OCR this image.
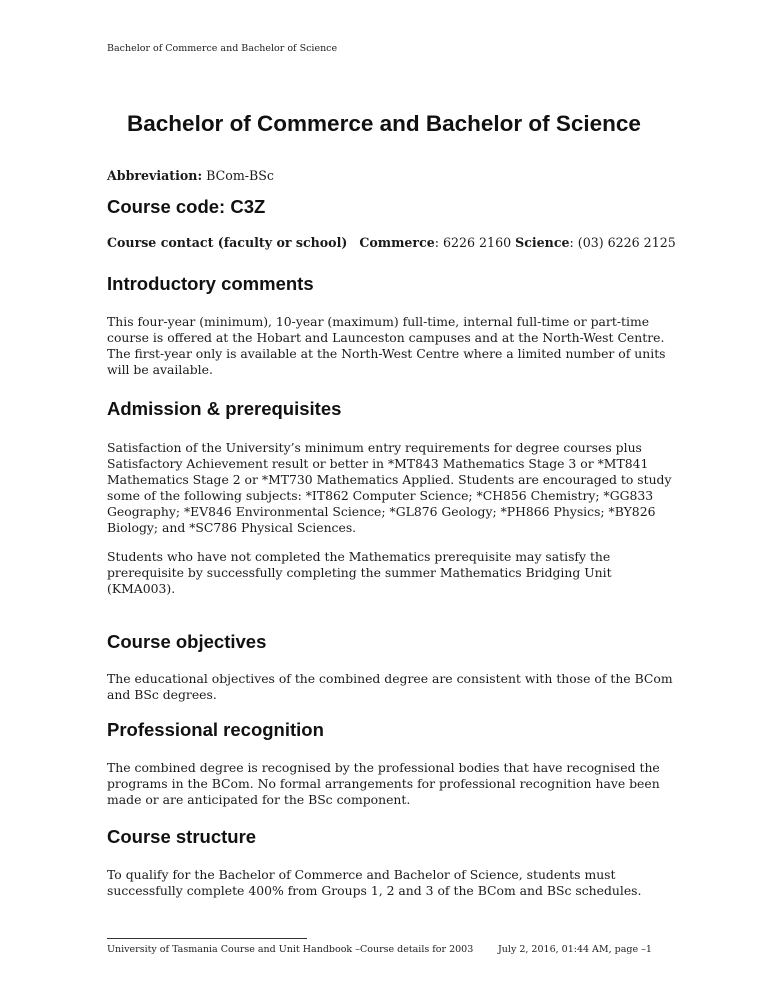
Bachelor of Commerce and Bachelor of Science
Bachelor of Commerce and Bachelor of Science
Abbreviation: BCom-BSc
Course code: C3Z
Course contact (faculty or school) Commerce: 6226 2160 Science: (03) 6226 2125
Introductory comments
This four-year (minimum), 10-year (maximum) full-time, internal full-time or part-time
course is offered at the Hobart and Launceston campuses and at the North-West Centre.
The first-year only is available at the North-West Centre where a limited number of units
will be available.
Admission & prerequisites
Satisfaction of the University’s minimum entry requirements for degree courses plus
Satisfactory Achievement result or better in *MT843 Mathematics Stage 3 or *MT841
Mathematics Stage 2 or *MT730 Mathematics Applied. Students are encouraged to study
some of the following subjects: *IT862 Computer Science; *CH856 Chemistry; *GG833
Geography; *EV846 Environmental Science; *GL876 Geology; *PH866 Physics; *BY826
Biology; and *SC786 Physical Sciences.
Students who have not completed the Mathematics prerequisite may satisfy the
prerequisite by successfully completing the summer Mathematics Bridging Unit
(KMA003).
Course objectives
The educational objectives of the combined degree are consistent with those of the BCom
and BSc degrees.
Professional recognition
The combined degree is recognised by the professional bodies that have recognised the
programs in the BCom. No formal arrangements for professional recognition have been
made or are anticipated for the BSc component.
Course structure
To qualify for the Bachelor of Commerce and Bachelor of Science, students must
successfully complete 400% from Groups 1, 2 and 3 of the BCom and BSc schedules.
University of Tasmania Course and Unit Handbook –Course details for 2003	July 2, 2016, 01:44 AM, page –1
